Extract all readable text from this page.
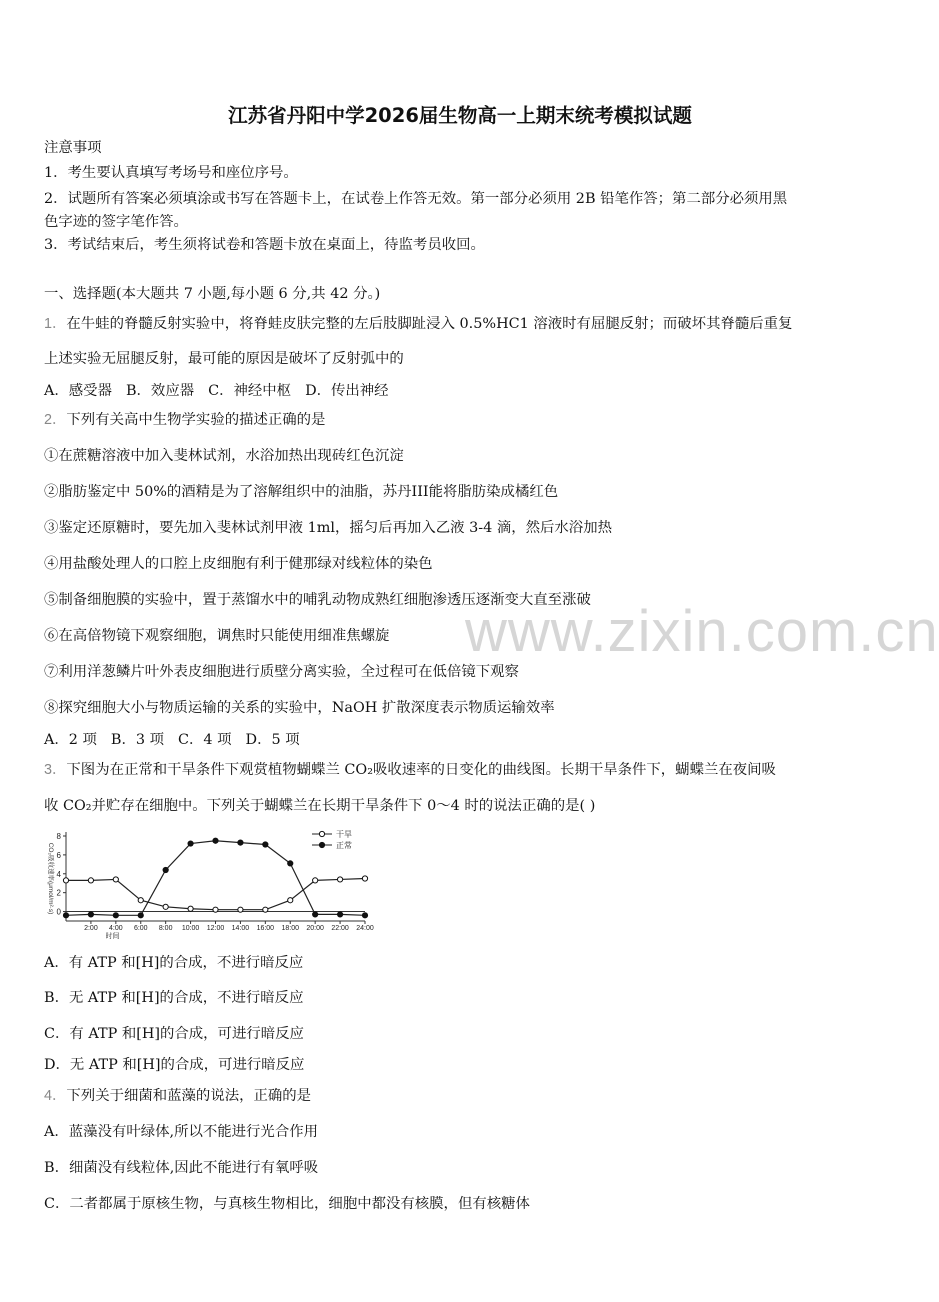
江苏省丹阳中学2026届生物高一上期末统考模拟试题
注意事项
1．考生要认真填写考场号和座位序号。
2．试题所有答案必须填涂或书写在答题卡上，在试卷上作答无效。第一部分必须用 2B 铅笔作答；第二部分必须用黑
色字迹的签字笔作答。
3．考试结束后，考生须将试卷和答题卡放在桌面上，待监考员收回。
一、选择题(本大题共 7 小题,每小题 6 分,共 42 分。)
1．在牛蛙的脊髓反射实验中，将脊蛙皮肤完整的左后肢脚趾浸入 0.5%HC1 溶液时有屈腿反射；而破坏其脊髓后重复
上述实验无屈腿反射，最可能的原因是破坏了反射弧中的
A．感受器 B．效应器 C．神经中枢 D．传出神经
2．下列有关高中生物学实验的描述正确的是
①在蔗糖溶液中加入斐林试剂，水浴加热出现砖红色沉淀
②脂肪鉴定中 50%的酒精是为了溶解组织中的油脂，苏丹III能将脂肪染成橘红色
③鉴定还原糖时，要先加入斐林试剂甲液 1ml，摇匀后再加入乙液 3-4 滴，然后水浴加热
④用盐酸处理人的口腔上皮细胞有利于健那绿对线粒体的染色
⑤制备细胞膜的实验中，置于蒸馏水中的哺乳动物成熟红细胞渗透压逐渐变大直至涨破
⑥在高倍物镜下观察细胞，调焦时只能使用细准焦螺旋
⑦利用洋葱鳞片叶外表皮细胞进行质壁分离实验，全过程可在低倍镜下观察
⑧探究细胞大小与物质运输的关系的实验中，NaOH 扩散深度表示物质运输效率
A．2 项 B．3 项 C．4 项 D．5 项
3．下图为在正常和干旱条件下观赏植物蝴蝶兰 CO₂吸收速率的日变化的曲线图。长期干旱条件下，蝴蝶兰在夜间吸
收 CO₂并贮存在细胞中。下列关于蝴蝶兰在长期干旱条件下 0～4 时的说法正确的是( )
0
2
4
6
8
2:00 4:00 6:00 8:00 10:00 12:00 14:00 16:00 18:00 20:00 22:00 24:00
时间
CO₂吸收速率(μmol/m²·s)
干旱
正常
A．有 ATP 和[H]的合成，不进行暗反应
B．无 ATP 和[H]的合成，不进行暗反应
C．有 ATP 和[H]的合成，可进行暗反应
D．无 ATP 和[H]的合成，可进行暗反应
4．下列关于细菌和蓝藻的说法，正确的是
A．蓝藻没有叶绿体,所以不能进行光合作用
B．细菌没有线粒体,因此不能进行有氧呼吸
C．二者都属于原核生物，与真核生物相比，细胞中都没有核膜，但有核糖体
www.zixin.com.cn
